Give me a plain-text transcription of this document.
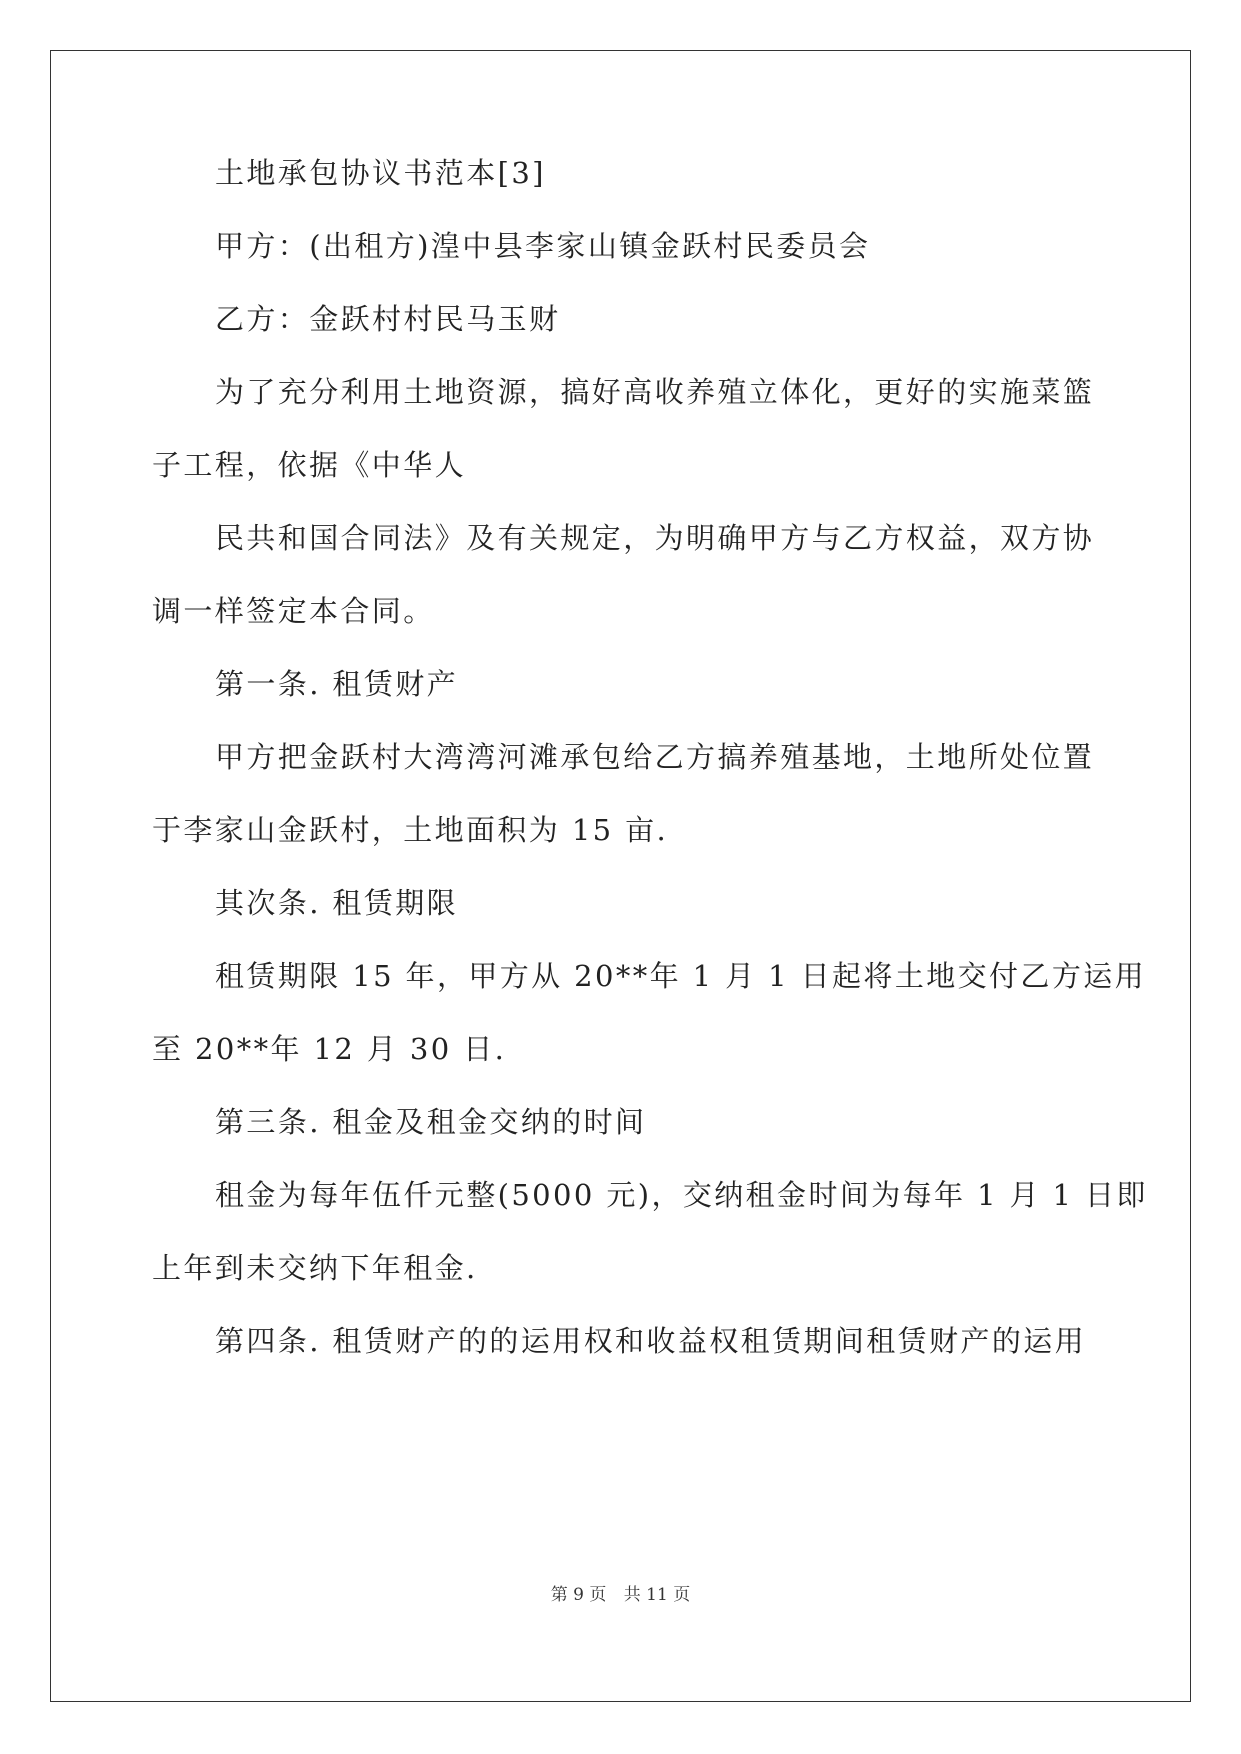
土地承包协议书范本[3]
甲方：(出租方)湟中县李家山镇金跃村民委员会
乙方：金跃村村民马玉财
为了充分利用土地资源，搞好高收养殖立体化，更好的实施菜篮
子工程，依据《中华人
民共和国合同法》及有关规定，为明确甲方与乙方权益，双方协
调一样签定本合同。
第一条. 租赁财产
甲方把金跃村大湾湾河滩承包给乙方搞养殖基地，土地所处位置
于李家山金跃村，土地面积为 15 亩.
其次条. 租赁期限
租赁期限 15 年，甲方从 20**年 1 月 1 日起将土地交付乙方运用
至 20**年 12 月 30 日.
第三条. 租金及租金交纳的时间
租金为每年伍仟元整(5000 元)，交纳租金时间为每年 1 月 1 日即
上年到未交纳下年租金.
第四条. 租赁财产的的运用权和收益权租赁期间租赁财产的运用
第 9 页 共 11 页
